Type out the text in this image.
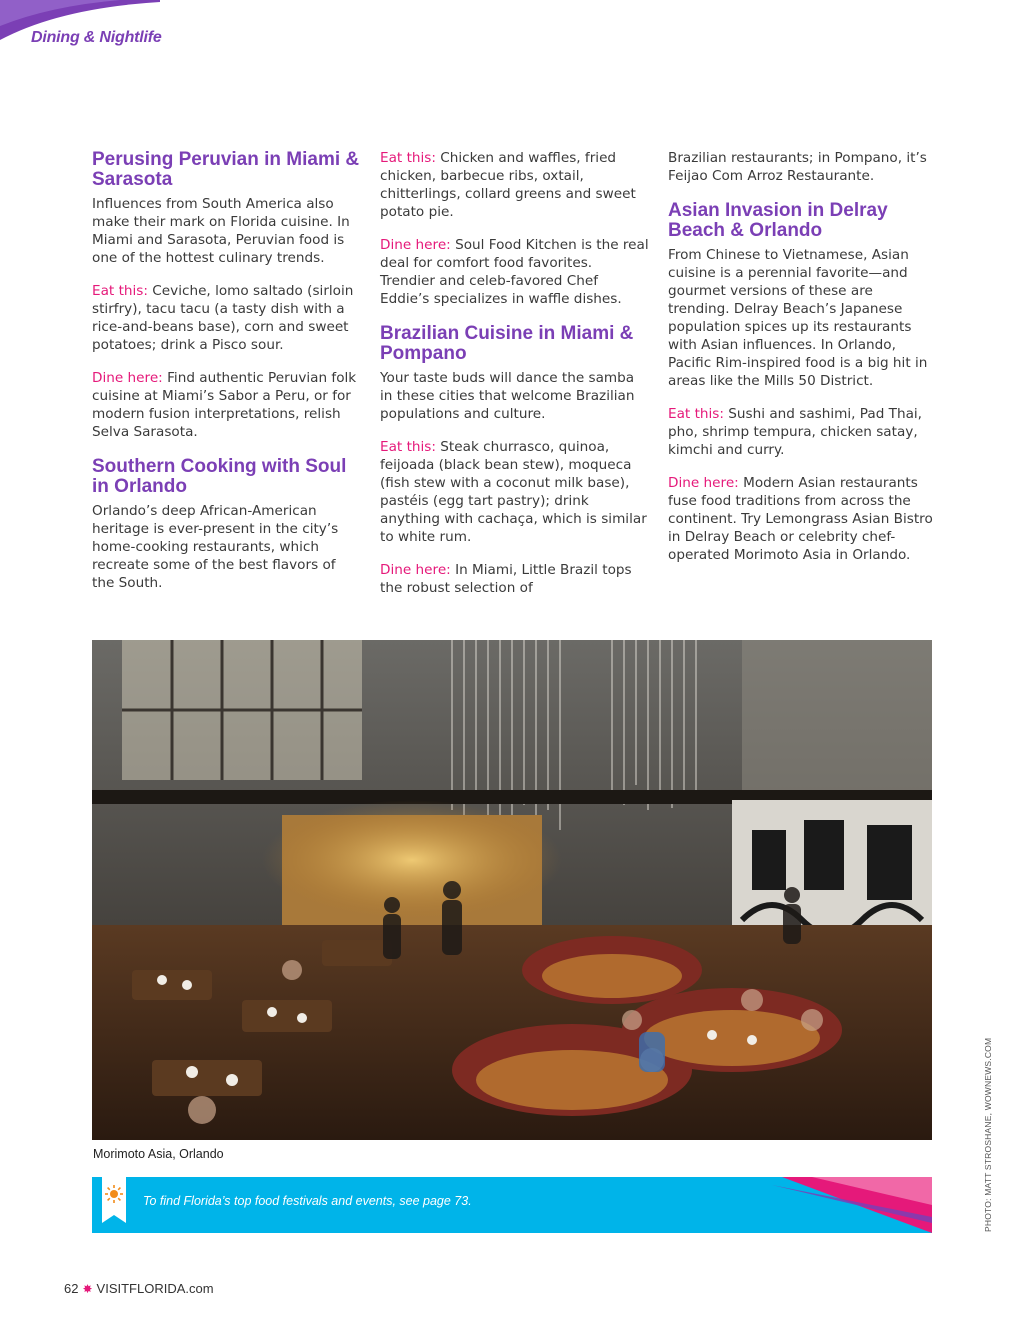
Dining & Nightlife
Perusing Peruvian in Miami & Sarasota

Influences from South America also make their mark on Florida cuisine. In Miami and Sarasota, Peruvian food is one of the hottest culinary trends.

Eat this: Ceviche, lomo saltado (sirloin stirfry), tacu tacu (a tasty dish with a rice-and-beans base), corn and sweet potatoes; drink a Pisco sour.

Dine here: Find authentic Peruvian folk cuisine at Miami’s Sabor a Peru, or for modern fusion interpretations, relish Selva Sarasota.

Southern Cooking with Soul in Orlando

Orlando’s deep African-American heritage is ever-present in the city’s home-cooking restaurants, which recreate some of the best flavors of the South.

Eat this: Chicken and waffles, fried chicken, barbecue ribs, oxtail, chitterlings, collard greens and sweet potato pie.

Dine here: Soul Food Kitchen is the real deal for comfort food favorites. Trendier and celeb-favored Chef Eddie’s specializes in waffle dishes.

Brazilian Cuisine in Miami & Pompano

Your taste buds will dance the samba in these cities that welcome Brazilian populations and culture.

Eat this: Steak churrasco, quinoa, feijoada (black bean stew), moqueca (fish stew with a coconut milk base), pastéis (egg tart pastry); drink anything with cachaça, which is similar to white rum.

Dine here: In Miami, Little Brazil tops the robust selection of

Brazilian restaurants; in Pompano, it’s Feijao Com Arroz Restaurante.

Asian Invasion in Delray Beach & Orlando

From Chinese to Vietnamese, Asian cuisine is a perennial favorite—and gourmet versions of these are trending. Delray Beach’s Japanese population spices up its restaurants with Asian influences. In Orlando, Pacific Rim-inspired food is a big hit in areas like the Mills 50 District.

Eat this: Sushi and sashimi, Pad Thai, pho, shrimp tempura, chicken satay, kimchi and curry.

Dine here: Modern Asian restaurants fuse food traditions from across the continent. Try Lemongrass Asian Bistro in Delray Beach or celebrity chef-operated Morimoto Asia in Orlando.

Morimoto Asia, Orlando	PHOTO: MATT STROSHANE, WOWNEWS.COM
To find Florida’s top food festivals and events, see page 73.
62 ✸ VISITFLORIDA.com
